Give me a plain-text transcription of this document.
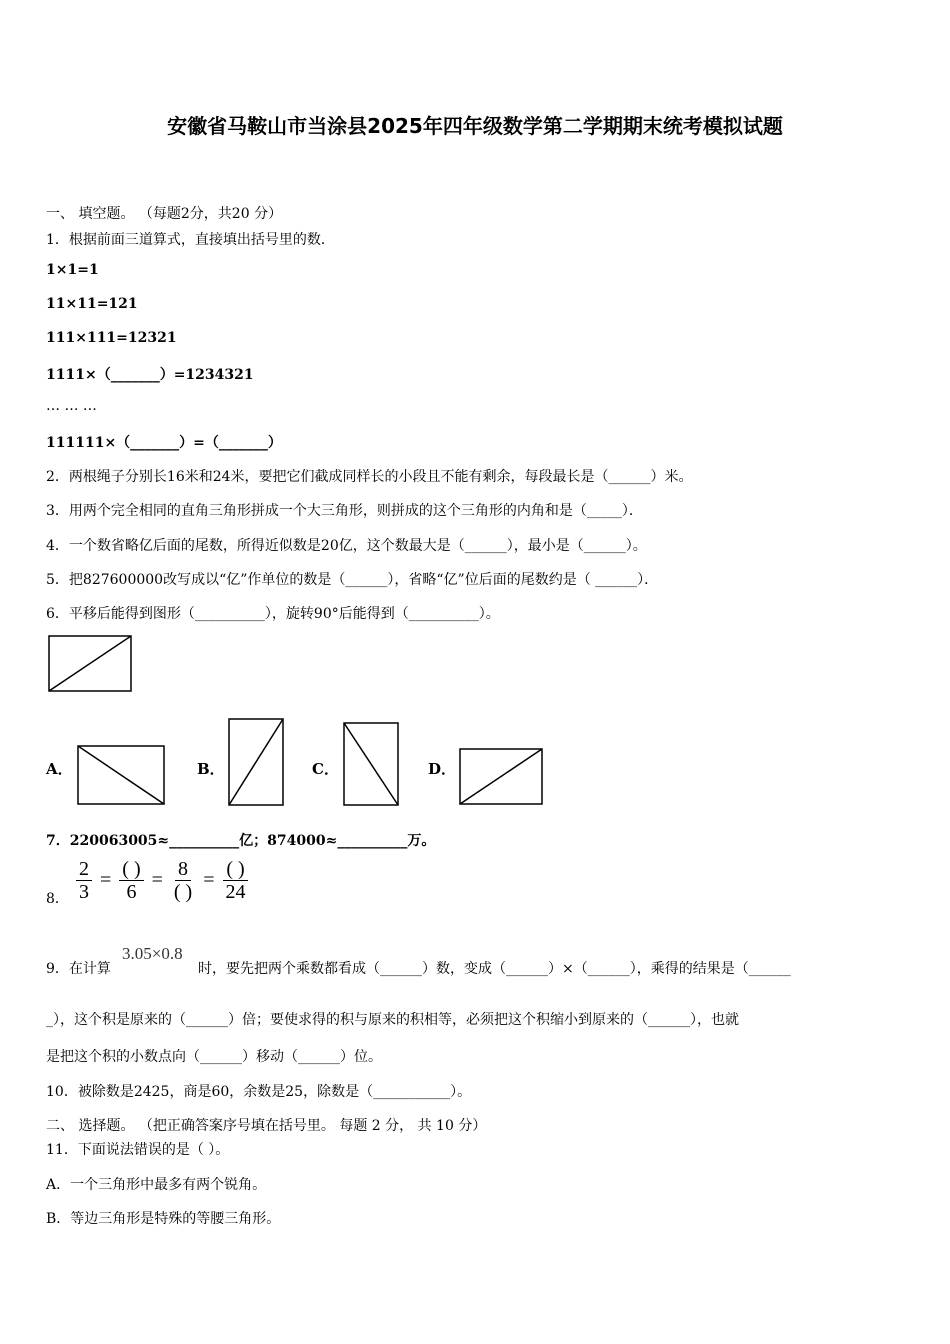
安徽省马鞍山市当涂县2025年四年级数学第二学期期末统考模拟试题
一、 填空题。 （每题2分，共20 分）
1．根据前面三道算式，直接填出括号里的数．
1×1=1
11×11=121
111×111=12321
1111×（_______）=1234321
… … …
111111×（_______）=（_______）
2．两根绳子分别长16米和24米，要把它们截成同样长的小段且不能有剩余，每段最长是（______）米。
3．用两个完全相同的直角三角形拼成一个大三角形，则拼成的这个三角形的内角和是（_____）．
4．一个数省略亿后面的尾数，所得近似数是20亿，这个数最大是（______），最小是（______）。
5．把827600000改写成以“亿”作单位的数是（______），省略“亿”位后面的尾数约是（ ______）．
6．平移后能得到图形（__________），旋转90°后能得到（__________）。
A．	B．	C．	D．
7．220063005≈__________亿；874000≈__________万。
8． $\frac{2}{3}$ = ( )
6
= 8
( )
= ( )
24
3.05×0.8
9．在计算	时，要先把两个乘数都看成（______）数，变成（______）×（______），乘得的结果是（______
_），这个积是原来的（______）倍；要使求得的积与原来的积相等，必须把这个积缩小到原来的（______），也就
是把这个积的小数点向（______）移动（______）位。
10．被除数是2425，商是60，余数是25，除数是（___________）。
二、 选择题。 （把正确答案序号填在括号里。 每题 2 分， 共 10 分）
11．下面说法错误的是（ ）。
A．一个三角形中最多有两个锐角。
B．等边三角形是特殊的等腰三角形。
